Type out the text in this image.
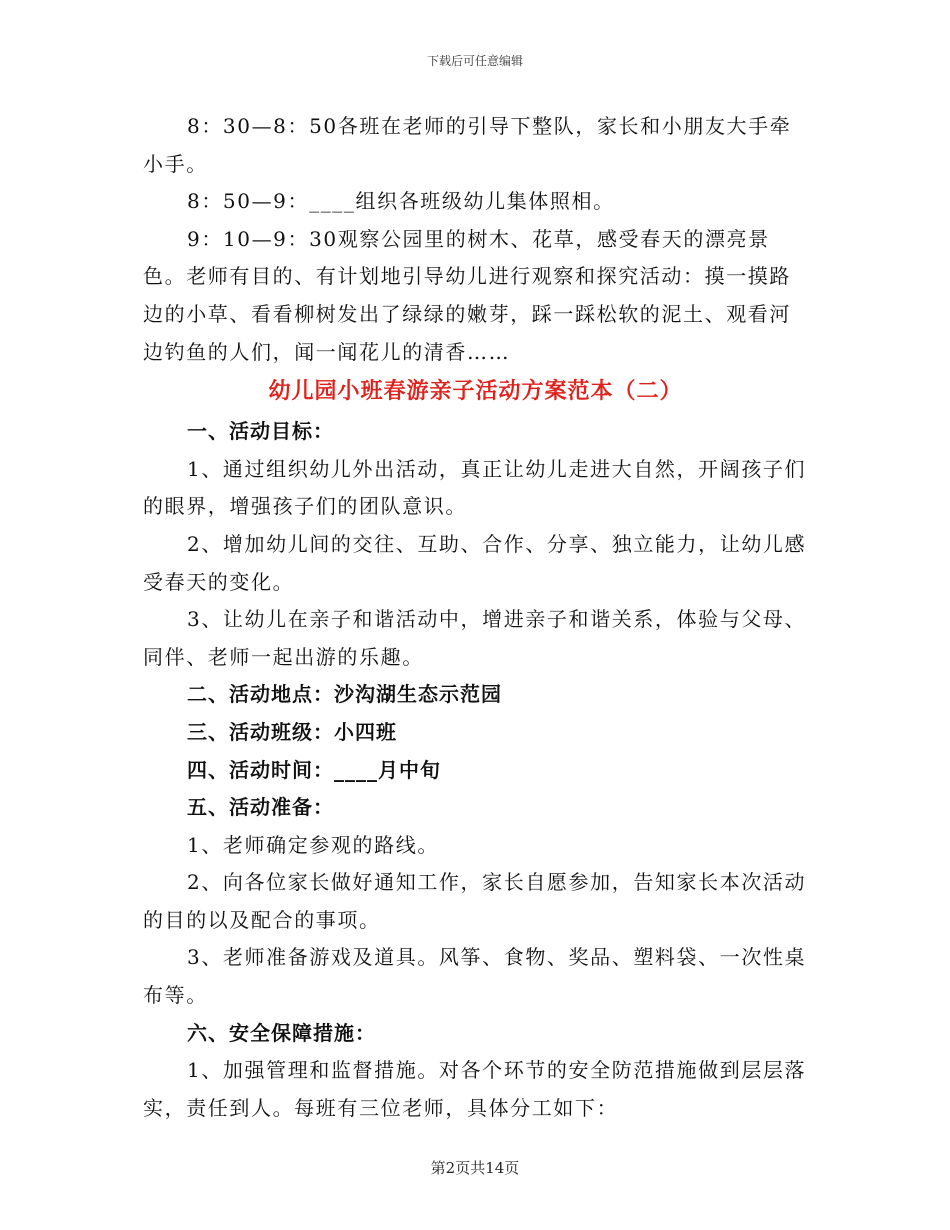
下载后可任意编辑

8：30—8：50各班在老师的引导下整队，家长和小朋友大手牵小手。

8：50—9：____组织各班级幼儿集体照相。

9：10—9：30观察公园里的树木、花草，感受春天的漂亮景色。老师有目的、有计划地引导幼儿进行观察和探究活动：摸一摸路边的小草、看看柳树发出了绿绿的嫩芽，踩一踩松软的泥土、观看河边钓鱼的人们，闻一闻花儿的清香……

幼儿园小班春游亲子活动方案范本（二）

一、活动目标：

1、通过组织幼儿外出活动，真正让幼儿走进大自然，开阔孩子们的眼界，增强孩子们的团队意识。

2、增加幼儿间的交往、互助、合作、分享、独立能力，让幼儿感受春天的变化。

3、让幼儿在亲子和谐活动中，增进亲子和谐关系，体验与父母、同伴、老师一起出游的乐趣。

二、活动地点：沙沟湖生态示范园

三、活动班级：小四班

四、活动时间：____月中旬

五、活动准备：

1、老师确定参观的路线。

2、向各位家长做好通知工作，家长自愿参加，告知家长本次活动的目的以及配合的事项。

3、老师准备游戏及道具。风筝、食物、奖品、塑料袋、一次性桌布等。

六、安全保障措施：

1、加强管理和监督措施。对各个环节的安全防范措施做到层层落实，责任到人。每班有三位老师，具体分工如下：

第2页共14页
